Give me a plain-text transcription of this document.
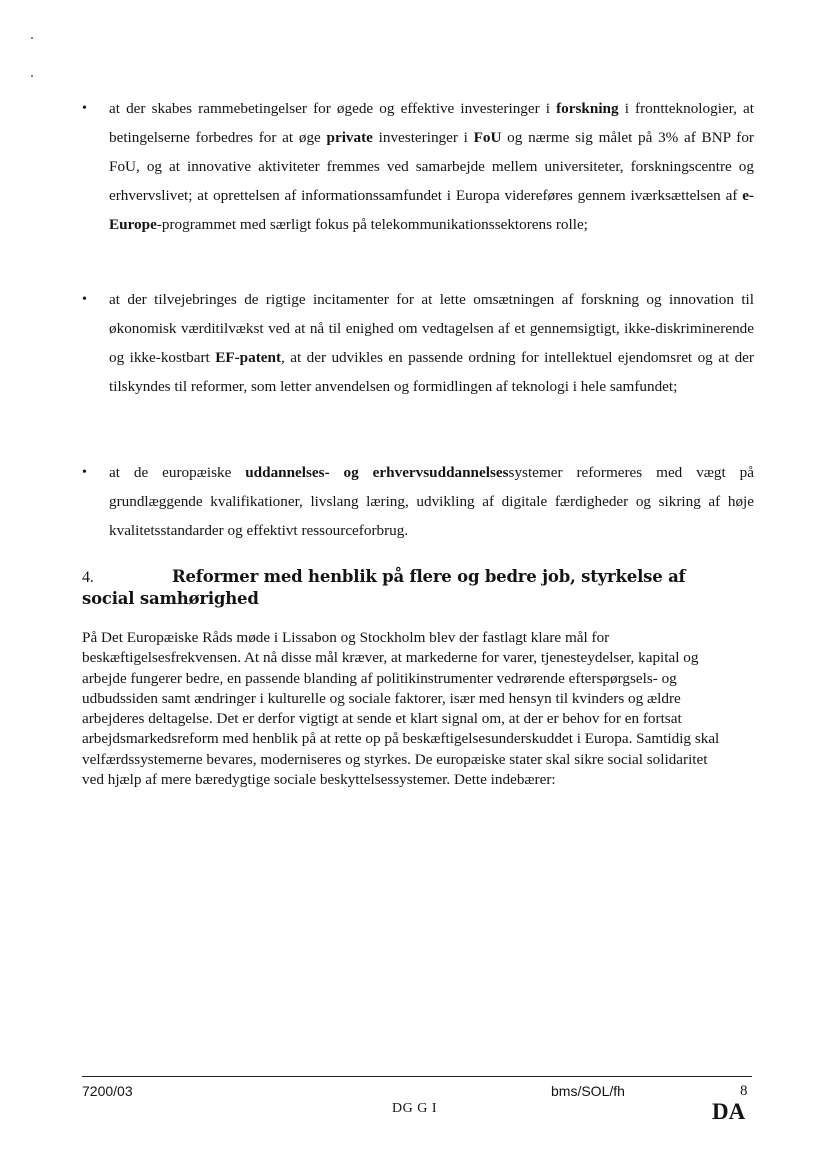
•	at der skabes rammebetingelser for øgede og effektive investeringer i forskning i frontteknologier, at betingelserne forbedres for at øge private investeringer i FoU og nærme sig målet på 3% af BNP for FoU, og at innovative aktiviteter fremmes ved samarbejde mellem universiteter, forskningscentre og erhvervslivet; at oprettelsen af informationssamfundet i Europa videreføres gennem iværksættelsen af e-Europe-programmet med særligt fokus på telekommunikationssektorens rolle;
•	at der tilvejebringes de rigtige incitamenter for at lette omsætningen af forskning og innovation til økonomisk værditilvækst ved at nå til enighed om vedtagelsen af et gennemsigtigt, ikke-diskriminerende og ikke-kostbart EF-patent, at der udvikles en passende ordning for intellektuel ejendomsret og at der tilskyndes til reformer, som letter anvendelsen og formidlingen af teknologi i hele samfundet;
•	at de europæiske uddannelses- og erhvervsuddannelsessystemer reformeres med vægt på grundlæggende kvalifikationer, livslang læring, udvikling af digitale færdigheder og sikring af høje kvalitetsstandarder og effektivt ressourceforbrug.
4.	Reformer med henblik på flere og bedre job, styrkelse af social samhørighed
På Det Europæiske Råds møde i Lissabon og Stockholm blev der fastlagt klare mål for beskæftigelsesfrekvensen. At nå disse mål kræver, at markederne for varer, tjenesteydelser, kapital og arbejde fungerer bedre, en passende blanding af politikinstrumenter vedrørende efterspørgsels- og udbudssiden samt ændringer i kulturelle og sociale faktorer, især med hensyn til kvinders og ældre arbejderes deltagelse. Det er derfor vigtigt at sende et klart signal om, at der er behov for en fortsat arbejdsmarkedsreform med henblik på at rette op på beskæftigelsesunderskuddet i Europa. Samtidig skal velfærdssystemerne bevares, moderniseres og styrkes. De europæiske stater skal sikre social solidaritet ved hjælp af mere bæredygtige sociale beskyttelsessystemer. Dette indebærer:
7200/03	bms/SOL/fh	8
DG G I	DA
